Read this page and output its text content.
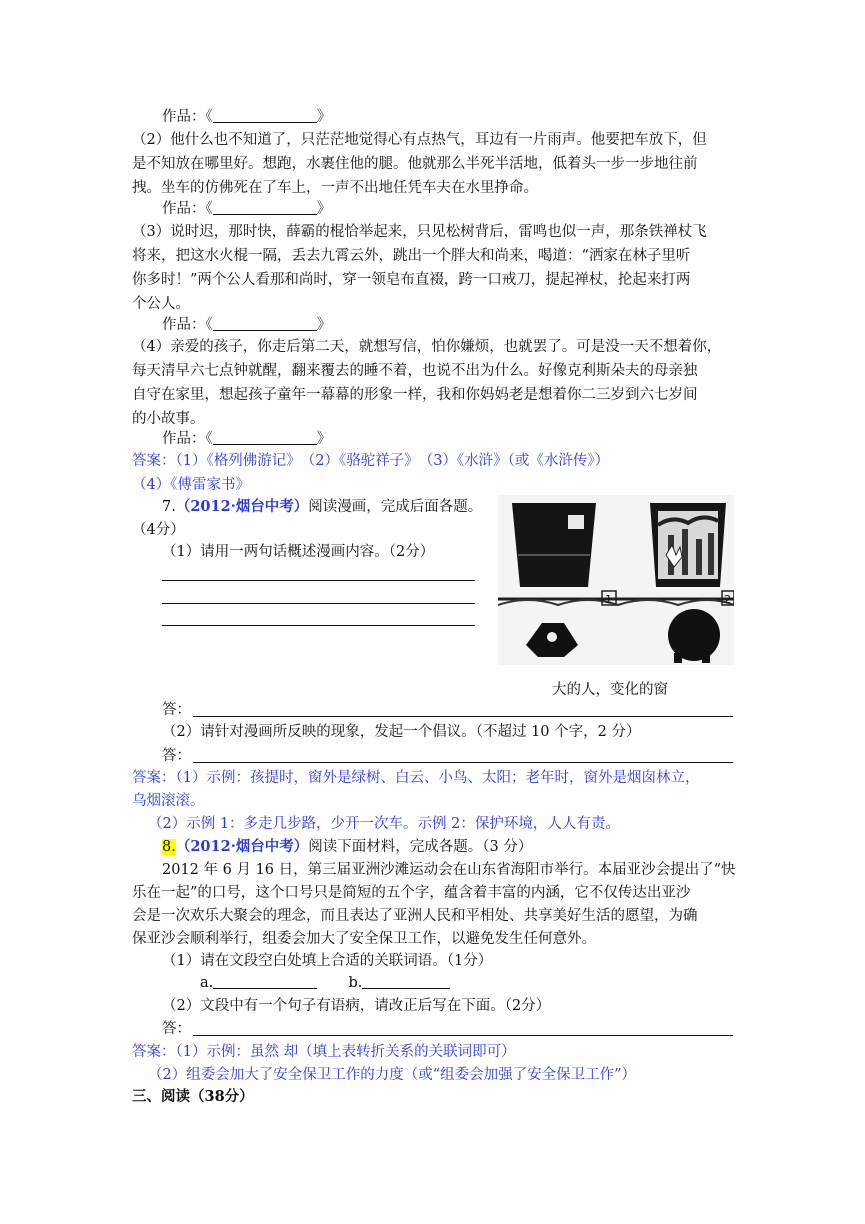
作品：《	》
（2）他什么也不知道了，只茫茫地觉得心有点热气，耳边有一片雨声。他要把车放下，但
是不知放在哪里好。想跑，水裹住他的腿。他就那么半死半活地，低着头一步一步地往前
拽。坐车的仿佛死在了车上，一声不出地任凭车夫在水里挣命。
作品：《	》
（3）说时迟，那时快，薛霸的棍恰举起来，只见松树背后，雷鸣也似一声，那条铁禅杖飞
将来，把这水火棍一隔，丢去九霄云外，跳出一个胖大和尚来，喝道：“洒家在林子里听
你多时！”两个公人看那和尚时，穿一领皂布直裰，跨一口戒刀，提起禅杖，抡起来打两
个公人。
作品：《	》
（4）亲爱的孩子，你走后第二天，就想写信，怕你嫌烦，也就罢了。可是没一天不想着你，
每天清早六七点钟就醒，翻来覆去的睡不着，也说不出为什么。好像克利斯朵夫的母亲独
自守在家里，想起孩子童年一幕幕的形象一样，我和你妈妈老是想着你二三岁到六七岁间
的小故事。
作品：《	》
答案：（1）《格列佛游记》　（2）《骆驼祥子》　（3）《水浒》（或《水浒传》）
（4）《傅雷家书》
7.（2012·烟台中考）阅读漫画，完成后面各题。
（4分）
（1）请用一两句话概述漫画内容。（2分）
1	2
大的人，变化的窗
答：
（2）请针对漫画所反映的现象，发起一个倡议。（不超过 10 个字，2 分）
答：
答案：（1）示例：孩提时，窗外是绿树、白云、小鸟、太阳；老年时，窗外是烟囱林立，
乌烟滚滚。
（2）示例 1：多走几步路，少开一次车。示例 2：保护环境，人人有责。
8.（2012·烟台中考）阅读下面材料，完成各题。（3 分）
2012 年 6 月 16 日，第三届亚洲沙滩运动会在山东省海阳市举行。本届亚沙会提出了“快
乐在一起”的口号，这个口号只是简短的五个字，蕴含着丰富的内涵，它不仅传达出亚沙
会是一次欢乐大聚会的理念，而且表达了亚洲人民和平相处、共享美好生活的愿望，为确
保亚沙会顺利举行，组委会加大了安全保卫工作，以避免发生任何意外。
（1）请在文段空白处填上合适的关联词语。（1分）
a.	b.
（2）文段中有一个句子有语病，请改正后写在下面。（2分）
答：
答案：（1）示例：虽然 却（填上表转折关系的关联词即可）
（2）组委会加大了安全保卫工作的力度（或“组委会加强了安全保卫工作”）
三、阅读（38分）
